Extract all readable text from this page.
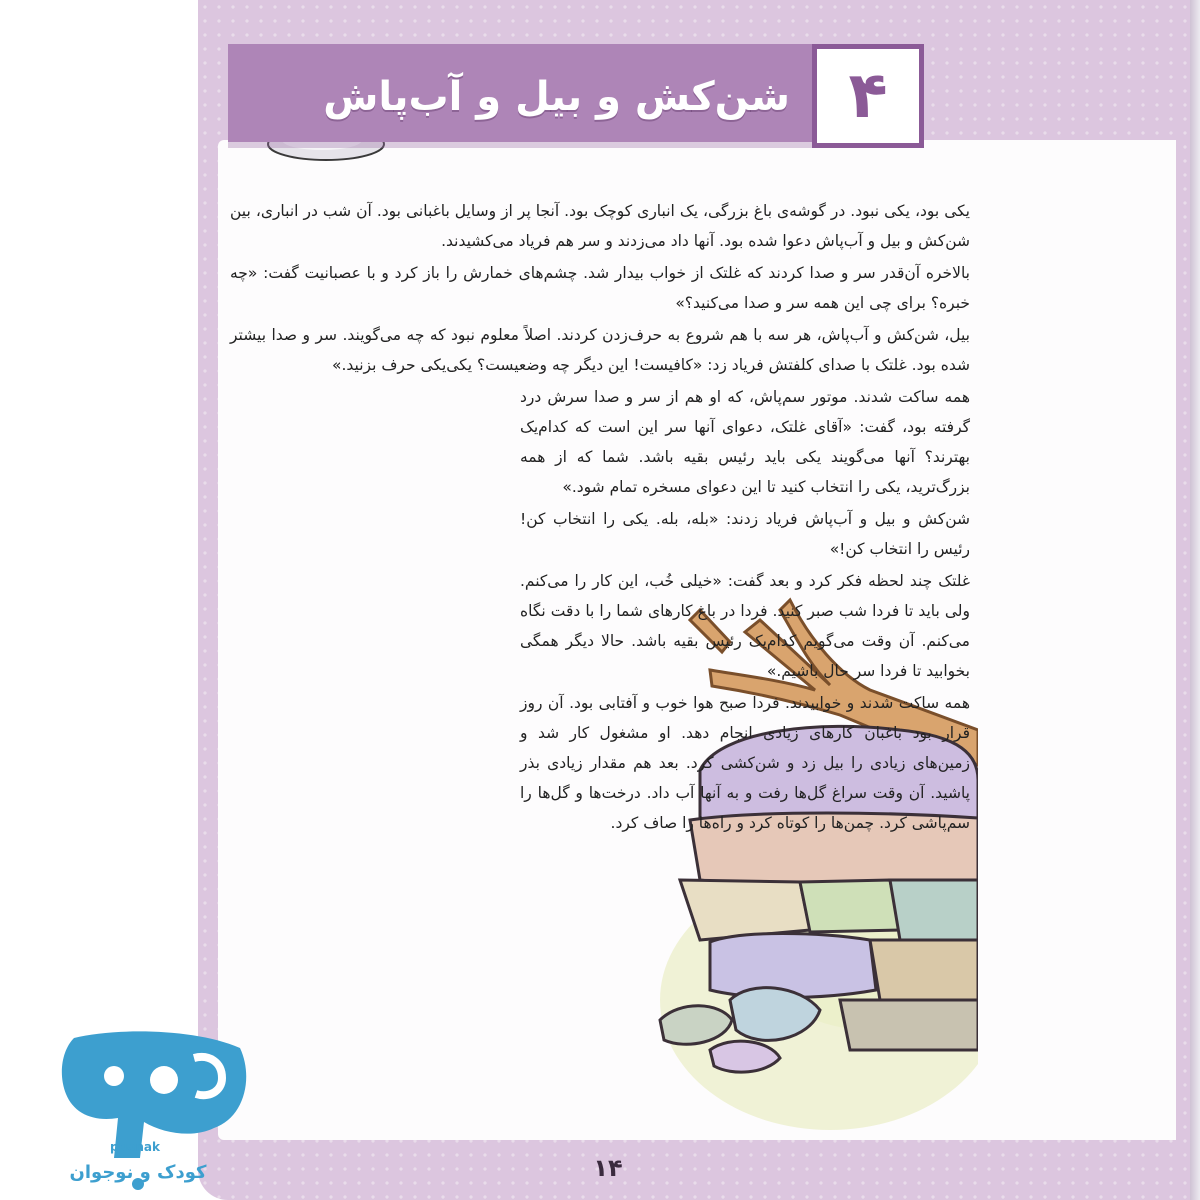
شن‌کش و بیل و آب‌پاش ۴

یکی بود، یکی نبود. در گوشه‌ی باغ بزرگی، یک انباری کوچک بود. آنجا پر از وسایل باغبانی بود. آن شب در انباری، بین شن‌کش و بیل و آب‌پاش دعوا شده بود. آنها داد می‌زدند و سر هم فریاد می‌کشیدند.

بالاخره آن‌قدر سر و صدا کردند که غلتک از خواب بیدار شد. چشم‌های خمارش را باز کرد و با عصبانیت گفت: «چه خبره؟ برای چی این همه سر و صدا می‌کنید؟»

بیل، شن‌کش و آب‌پاش، هر سه با هم شروع به حرف‌زدن کردند. اصلاً معلوم نبود که چه می‌گویند. سر و صدا بیشتر شده بود. غلتک با صدای کلفتش فریاد زد: «کافیست! این دیگر چه وضعیست؟ یکی‌یکی حرف بزنید.»

همه ساکت شدند. موتور سم‌پاش، که او هم از سر و صدا سرش درد گرفته بود، گفت: «آقای غلتک، دعوای آنها سر این است که کدام‌یک بهترند؟ آنها می‌گویند یکی باید رئیس بقیه باشد. شما که از همه بزرگ‌ترید، یکی را انتخاب کنید تا این دعوای مسخره تمام شود.»

شن‌کش و بیل و آب‌پاش فریاد زدند: «بله، بله. یکی را انتخاب کن! رئیس را انتخاب کن!»

غلتک چند لحظه فکر کرد و بعد گفت: «خیلی خُب، این کار را می‌کنم. ولی باید تا فردا شب صبر کنید. فردا در باغ کارهای شما را با دقت نگاه می‌کنم. آن وقت می‌گویم کدام‌یک رئیس بقیه باشد. حالا دیگر همگی بخوابید تا فردا سر حال باشیم.»

همه ساکت شدند و خوابیدند. فردا صبح هوا خوب و آفتابی بود. آن روز قرار بود باغبان کارهای زیادی انجام دهد. او مشغول کار شد و زمین‌های زیادی را بیل زد و شن‌کشی کرد. بعد هم مقدار زیادی بذر پاشید. آن وقت سراغ گل‌ها رفت و به آنها آب داد. درخت‌ها و گل‌ها را سم‌پاشی کرد. چمن‌ها را کوتاه کرد و راه‌ها را صاف کرد.

۱۴
puonak
کودک و نوجوان
